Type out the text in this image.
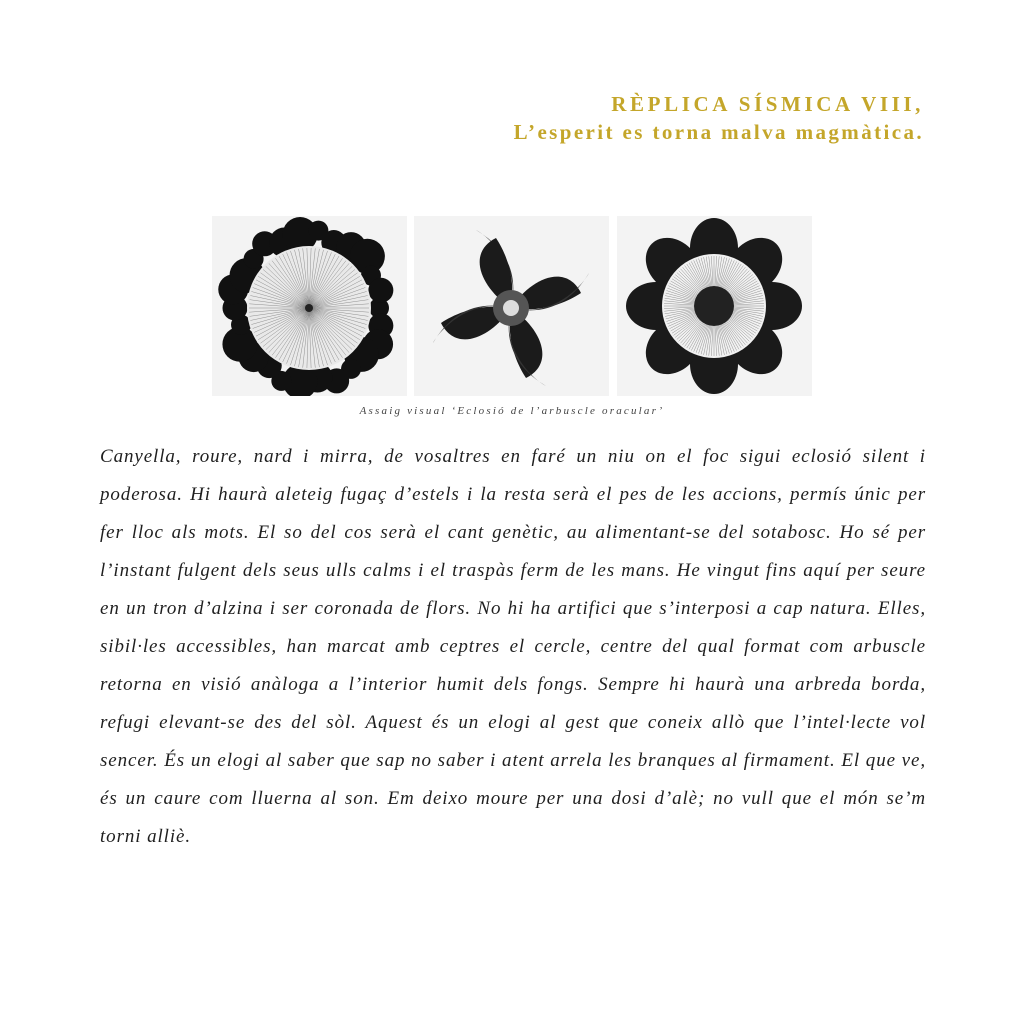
RÈPLICA SÍSMICA VIII,
L’esperit es torna malva magmàtica.
Assaig visual ‘Eclosió de l’arbuscle oracular’

Canyella, roure, nard i mirra, de vosaltres en faré un niu on el foc sigui eclosió silent i poderosa. Hi haurà aleteig fugaç d’estels i la resta serà el pes de les accions, permís únic per fer lloc als mots. El so del cos serà el cant genètic, au alimentant-se del sotabosc. Ho sé per l’instant fulgent dels seus ulls calms i el traspàs ferm de les mans. He vingut fins aquí per seure en un tron d’alzina i ser coronada de flors. No hi ha artifici que s’interposi a cap natura. Elles, sibil·les accessibles, han marcat amb ceptres el cercle, centre del qual format com arbuscle retorna en visió anàloga a l’interior humit dels fongs. Sempre hi haurà una arbreda borda, refugi elevant-se des del sòl. Aquest és un elogi al gest que coneix allò que l’intel·lecte vol sencer. És un elogi al saber que sap no saber i atent arrela les branques al firmament. El que ve, és un caure com lluerna al son. Em deixo moure per una dosi d’alè; no vull que el món se’m torni alliè.
